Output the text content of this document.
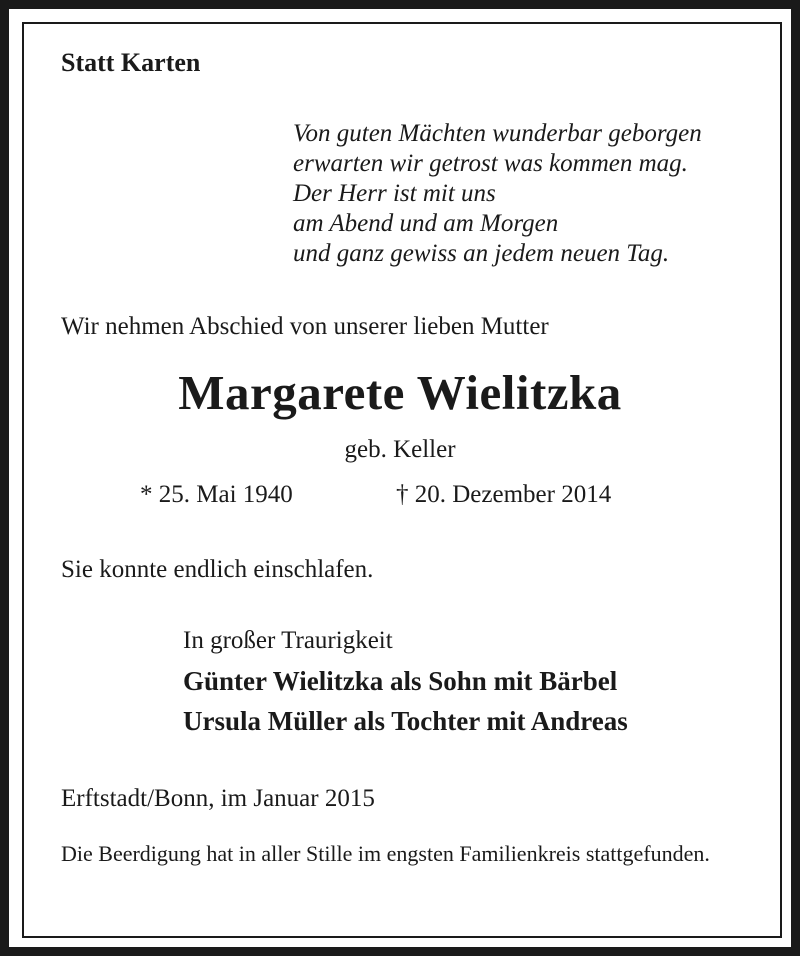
Statt Karten
Von guten Mächten wunderbar geborgen
erwarten wir getrost was kommen mag.
Der Herr ist mit uns
am Abend und am Morgen
und ganz gewiss an jedem neuen Tag.
Wir nehmen Abschied von unserer lieben Mutter
Margarete Wielitzka
geb. Keller
* 25. Mai 1940	† 20. Dezember 2014
Sie konnte endlich einschlafen.
In großer Traurigkeit
Günter Wielitzka als Sohn mit Bärbel
Ursula Müller als Tochter mit Andreas
Erftstadt/Bonn, im Januar 2015
Die Beerdigung hat in aller Stille im engsten Familienkreis stattgefunden.
